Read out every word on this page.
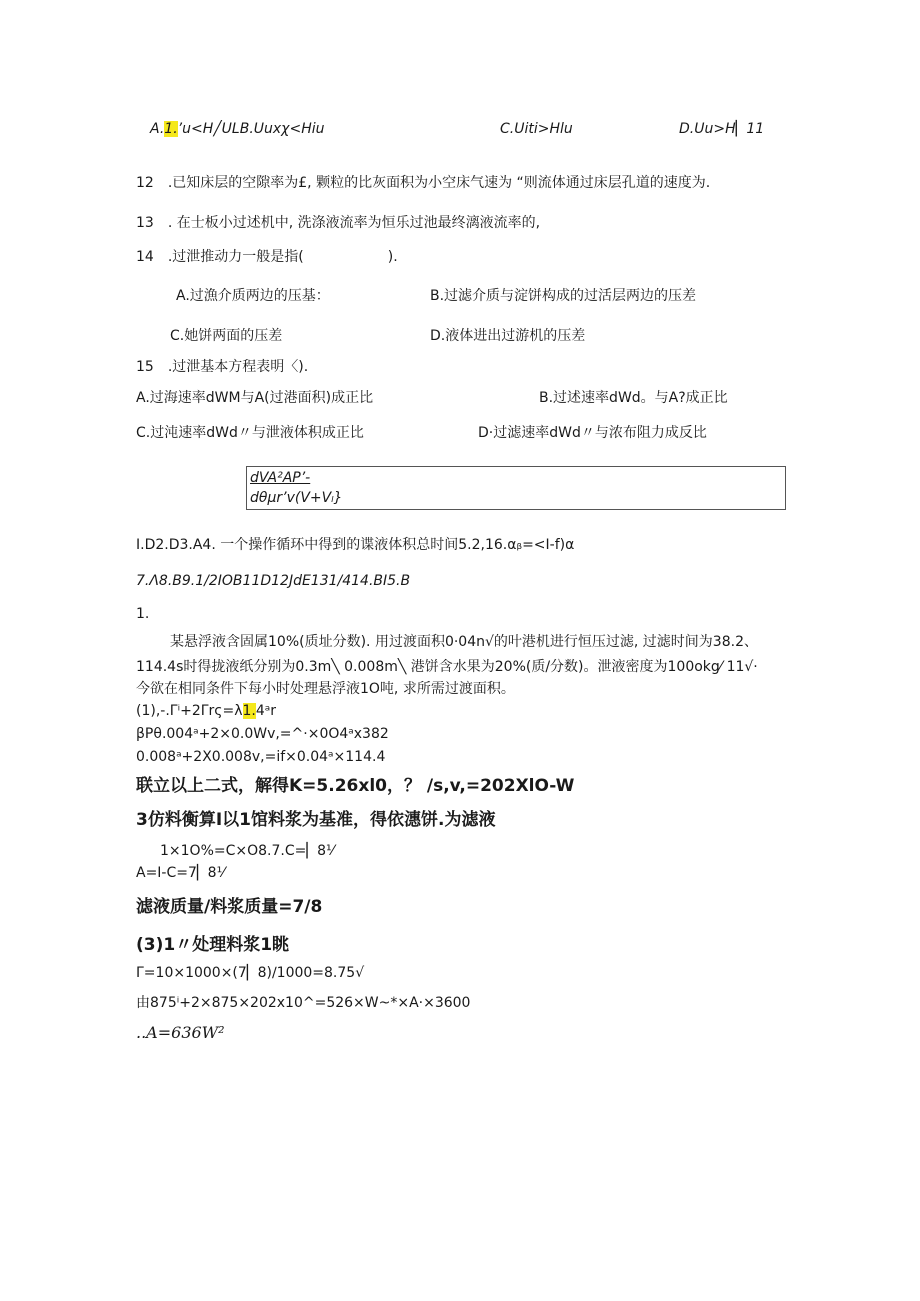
A.1.’u<H╱ULB.Uuxχ<Hiu	C.Uiti>Hlu	D.Uu>H▏11
12　.已知床层的空隙率为£, 颗粒的比灰面积为小空床气速为 “则流体通过床层孔道的速度为.
13　. 在士板小过述机中, 洗涤液流率为恒乐过池最终漓液流率的,
14　.过泄推动力一般是指(　　　　　　).
A.过漁介质两边的压基：	B.过滤介质与淀饼构成的过活层两边的压差
C.她饼两面的压差	D.液体进出过游机的压差
15　.过泄基本方程表明〈).
A.过海速率dWM与A(过港面积)成正比	B.过述速率dWd。与A?成正比
C.过沌速率dWd〃与泄液体积成正比	D·过滤速率dWd〃与浓布阻力成反比
dVA²AP’-
dθμr’v(V+Vₗ}
I.D2.D3.A4. 一个操作循环中得到的谍液体积总时间5.2,16.αᵦ=<I-f)α
7.Λ8.B9.1/2IOB11D12JdE131/414.BI5.B
1.
某悬浮液含固属10%(质址分数). 用过渡面积0·04n√的叶港机进行恒压过滤, 过滤时间为38.2、
114.4s时得拢液纸分别为0.3m╲ 0.008m╲ 港饼含水果为20%(质/分数)。泄液密度为100okg⁄ 11√·
今欲在相同条件下每小时处理悬浮液1O吨, 求所需过渡面积。
(1),-.Γⁱ+2Γrς=λ1.4ᵃr
βPθ.004ᵃ+2×0.0Wv,=^·×0O4ᵃx382
0.008ᵃ+2X0.008v,=if×0.04ᵃ×114.4
联立以上二式，解得K=5.26xl0，？ /s,v,=202XlO-W
3仿料衡算I以1馆料浆为基准，得依潓饼.为滤液
1×1O%=C×O8.7.C=▏8⅟
A=I-C=7▏8⅟
滤液质量/料浆质量=7/8
(3)1〃处理料浆1眺
Γ=10×1000×(7▏8)∕1000=8.75√
由875ⁱ+2×875×202x10^=526×W~*×A·×3600
..A=636W²
